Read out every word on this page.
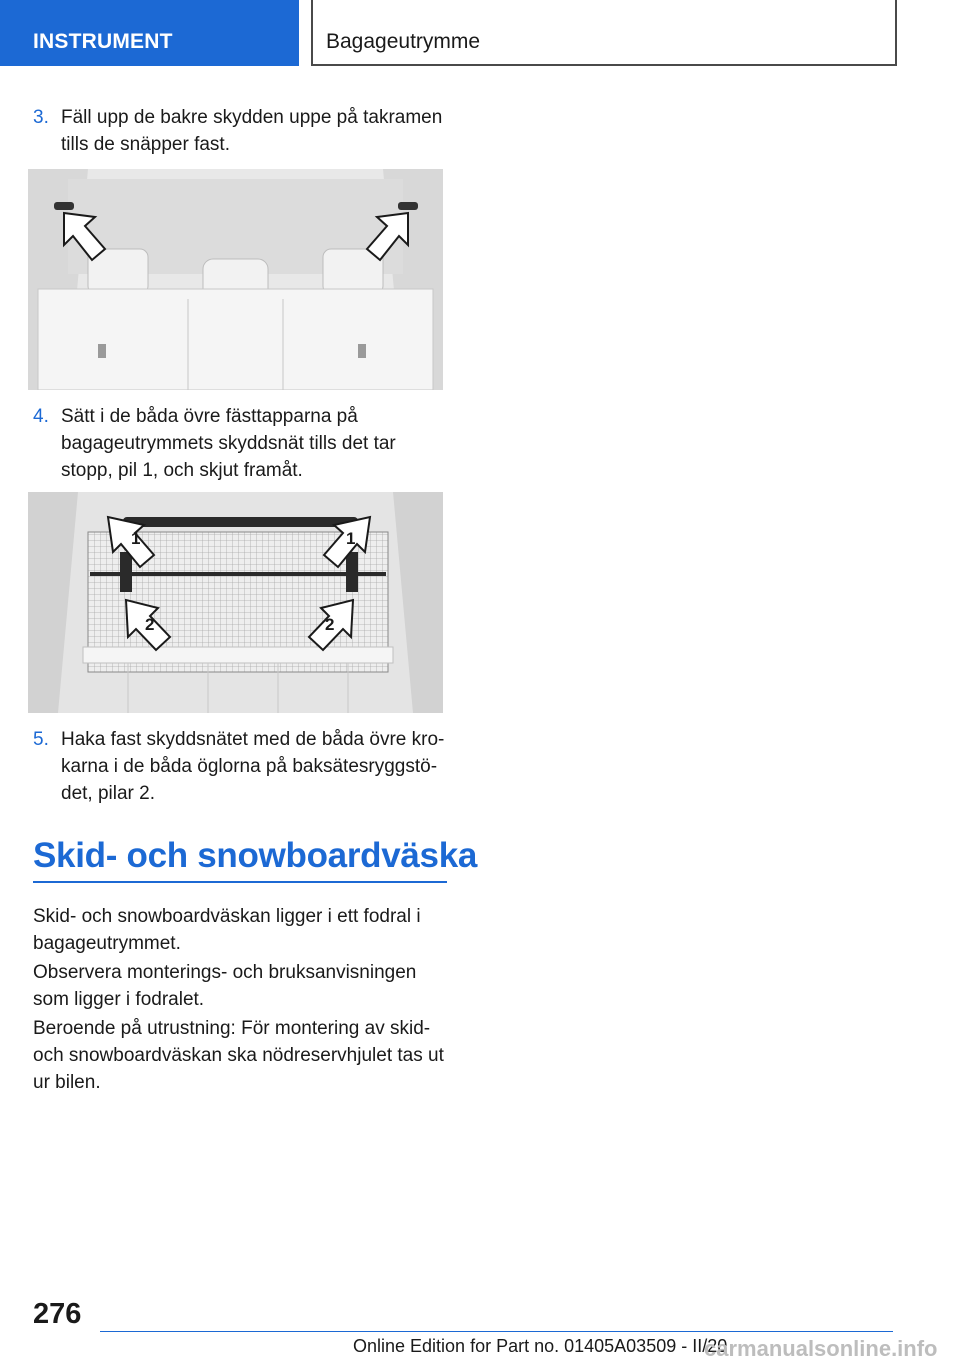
INSTRUMENT	Bagageutrymme
3. Fäll upp de bakre skydden uppe på takramen tills de snäpper fast.
4. Sätt i de båda övre fästtapparna på bagageutrymmets skyddsnät tills det tar stopp, pil 1, och skjut framåt.
1	1
2	2
5. Haka fast skyddsnätet med de båda övre krokarna i de båda öglorna på baksätesryggstödet, pilar 2.
Skid- och snowboardväska

Skid- och snowboardväskan ligger i ett fodral i bagageutrymmet.

Observera monterings- och bruksanvisningen som ligger i fodralet.

Beroende på utrustning: För montering av skid- och snowboardväskan ska nödreservhjulet tas ut ur bilen.

276
Online Edition for Part no. 01405A03509 - II/20
carmanualsonline.info
